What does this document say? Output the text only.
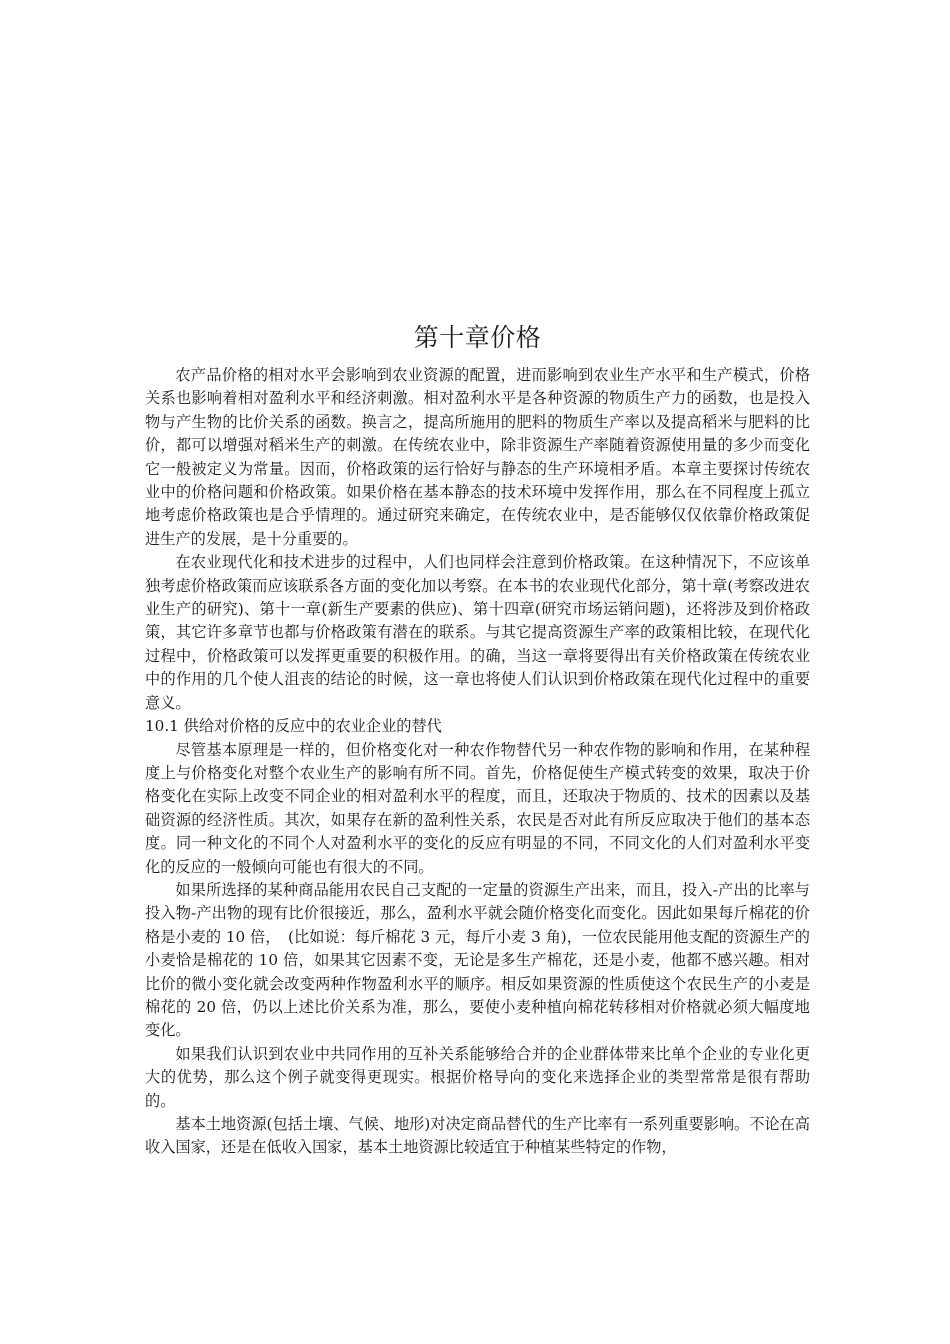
第十章价格

农产品价格的相对水平会影响到农业资源的配置，进而影响到农业生产水平和生产模式，价格关系也影响着相对盈利水平和经济刺激。相对盈利水平是各种资源的物质生产力的函数，也是投入物与产生物的比价关系的函数。换言之，提高所施用的肥料的物质生产率以及提高稻米与肥料的比价，都可以增强对稻米生产的刺激。在传统农业中，除非资源生产率随着资源使用量的多少而变化它一般被定义为常量。因而，价格政策的运行恰好与静态的生产环境相矛盾。本章主要探讨传统农业中的价格问题和价格政策。如果价格在基本静态的技术环境中发挥作用，那么在不同程度上孤立地考虑价格政策也是合乎情理的。通过研究来确定，在传统农业中，是否能够仅仅依靠价格政策促进生产的发展，是十分重要的。

在农业现代化和技术进步的过程中，人们也同样会注意到价格政策。在这种情况下，不应该单独考虑价格政策而应该联系各方面的变化加以考察。在本书的农业现代化部分，第十章(考察改进农业生产的研究)、第十一章(新生产要素的供应)、第十四章(研究市场运销问题)，还将涉及到价格政策，其它许多章节也都与价格政策有潜在的联系。与其它提高资源生产率的政策相比较，在现代化过程中，价格政策可以发挥更重要的积极作用。的确，当这一章将要得出有关价格政策在传统农业中的作用的几个使人沮丧的结论的时候，这一章也将使人们认识到价格政策在现代化过程中的重要意义。

10.1 供给对价格的反应中的农业企业的替代

尽管基本原理是一样的，但价格变化对一种农作物替代另一种农作物的影响和作用，在某种程度上与价格变化对整个农业生产的影响有所不同。首先，价格促使生产模式转变的效果，取决于价格变化在实际上改变不同企业的相对盈利水平的程度，而且，还取决于物质的、技术的因素以及基础资源的经济性质。其次，如果存在新的盈利性关系，农民是否对此有所反应取决于他们的基本态度。同一种文化的不同个人对盈利水平的变化的反应有明显的不同，不同文化的人们对盈利水平变化的反应的一般倾向可能也有很大的不同。

如果所选择的某种商品能用农民自己支配的一定量的资源生产出来，而且，投入-产出的比率与投入物-产出物的现有比价很接近，那么，盈利水平就会随价格变化而变化。因此如果每斤棉花的价格是小麦的 10 倍，　(比如说：每斤棉花 3 元，每斤小麦 3 角)，一位农民能用他支配的资源生产的小麦恰是棉花的 10 倍，如果其它因素不变，无论是多生产棉花，还是小麦，他都不感兴趣。相对比价的微小变化就会改变两种作物盈利水平的顺序。相反如果资源的性质使这个农民生产的小麦是棉花的 20 倍，仍以上述比价关系为准，那么，要使小麦种植向棉花转移相对价格就必须大幅度地变化。

如果我们认识到农业中共同作用的互补关系能够给合并的企业群体带来比单个企业的专业化更大的优势，那么这个例子就变得更现实。根据价格导向的变化来选择企业的类型常常是很有帮助的。

基本土地资源(包括土壤、气候、地形)对决定商品替代的生产比率有一系列重要影响。不论在高收入国家，还是在低收入国家，基本土地资源比较适宜于种植某些特定的作物，
